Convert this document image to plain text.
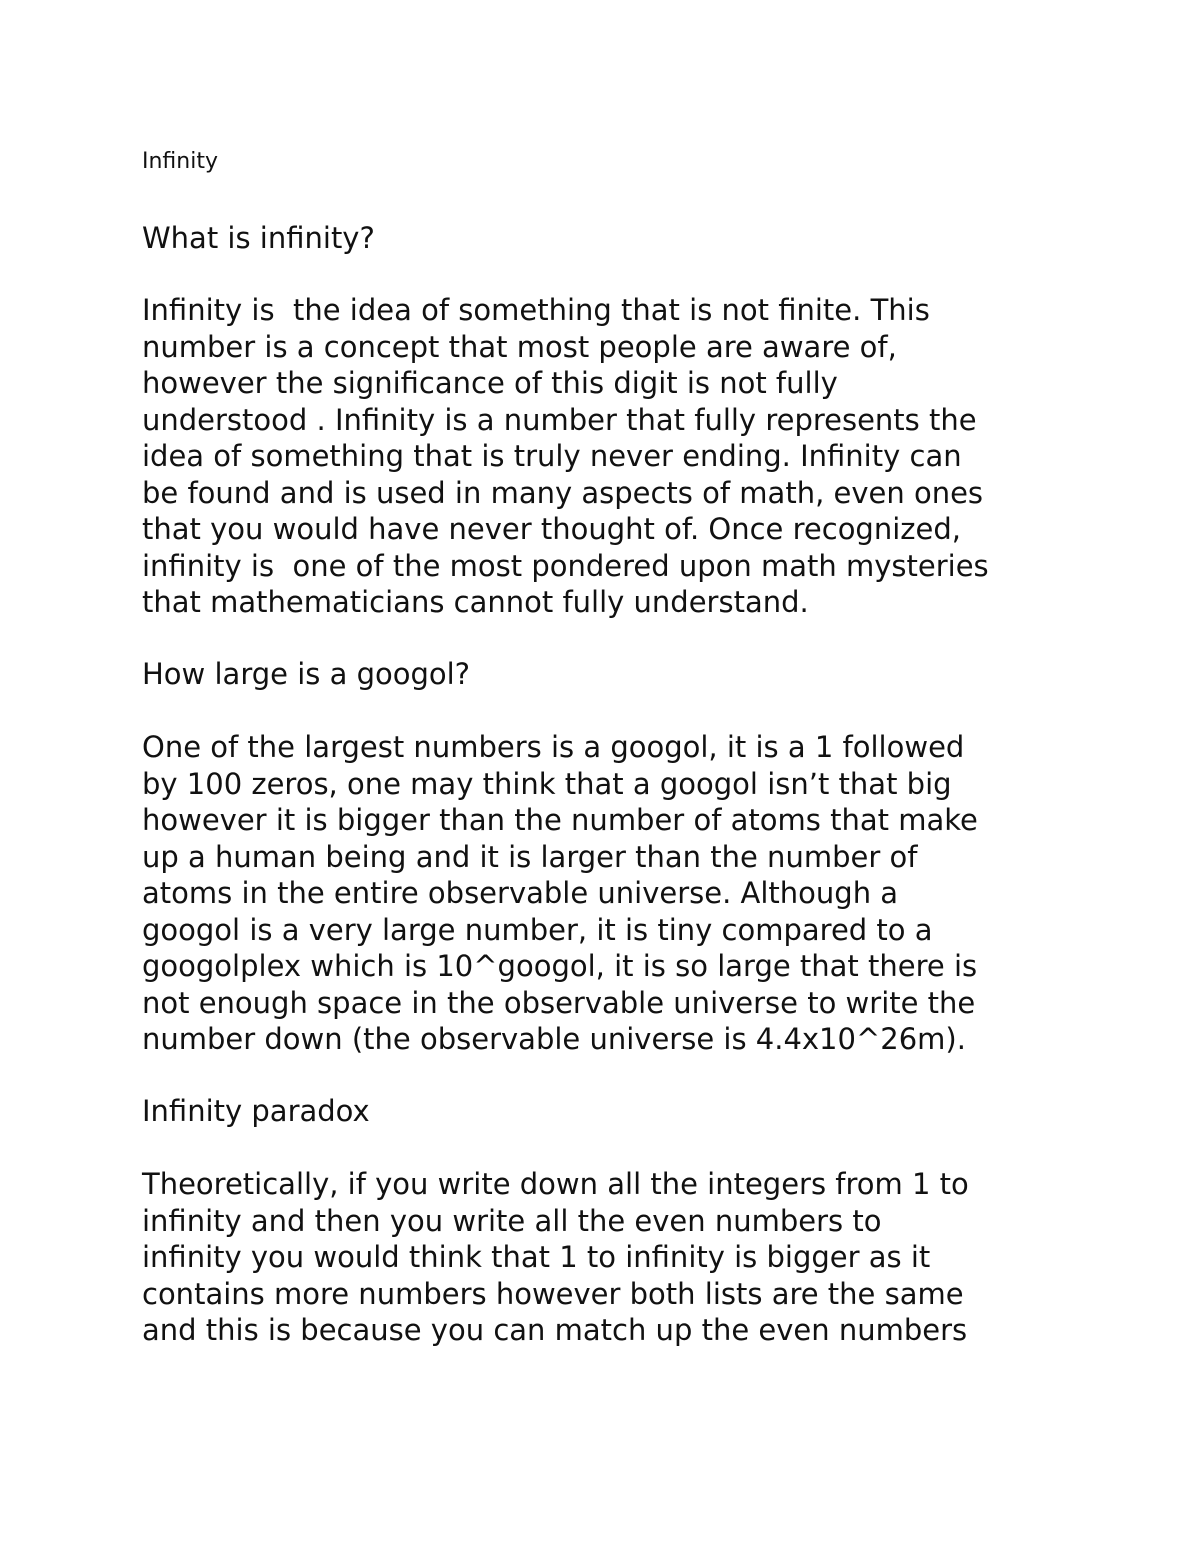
Infinity
What is infinity?
Infinity is  the idea of something that is not finite. This
number is a concept that most people are aware of,
however the significance of this digit is not fully
understood . Infinity is a number that fully represents the
idea of something that is truly never ending. Infinity can
be found and is used in many aspects of math, even ones
that you would have never thought of. Once recognized,
infinity is  one of the most pondered upon math mysteries
that mathematicians cannot fully understand.
How large is a googol?
One of the largest numbers is a googol, it is a 1 followed
by 100 zeros, one may think that a googol isn’t that big
however it is bigger than the number of atoms that make
up a human being and it is larger than the number of
atoms in the entire observable universe. Although a
googol is a very large number, it is tiny compared to a
googolplex which is 10^googol, it is so large that there is
not enough space in the observable universe to write the
number down (the observable universe is 4.4x10^26m).
Infinity paradox
Theoretically, if you write down all the integers from 1 to
infinity and then you write all the even numbers to
infinity you would think that 1 to infinity is bigger as it
contains more numbers however both lists are the same
and this is because you can match up the even numbers
